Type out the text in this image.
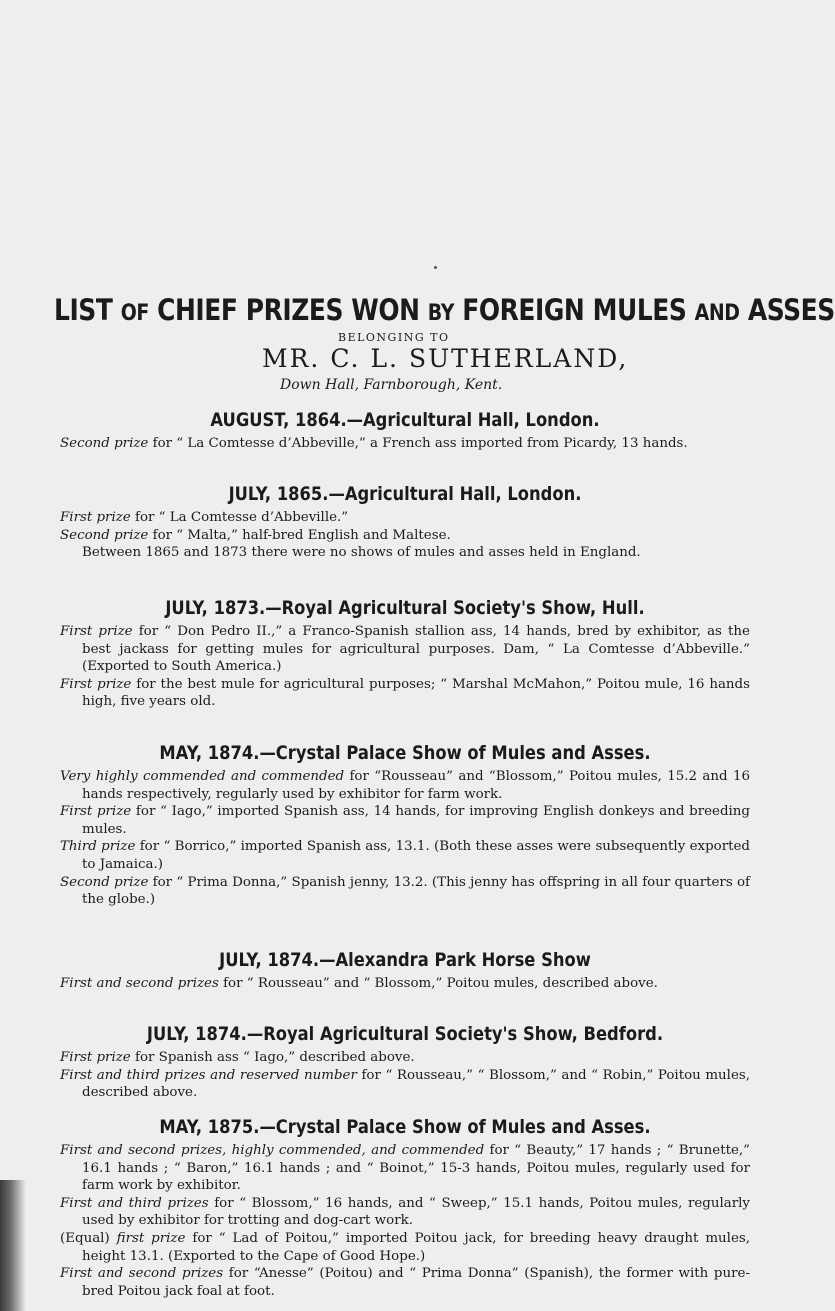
LIST OF CHIEF PRIZES WON BY FOREIGN MULES AND ASSES
BELONGING TO
MR. C. L. SUTHERLAND,
Down Hall, Farnborough, Kent.
AUGUST, 1864.—Agricultural Hall, London.
Second prize for “ La Comtesse d’Abbeville,” a French ass imported from Picardy, 13 hands.
JULY, 1865.—Agricultural Hall, London.
First prize for “ La Comtesse d’Abbeville.”
Second prize for “ Malta,” half-bred English and Maltese.
Between 1865 and 1873 there were no shows of mules and asses held in England.
JULY, 1873.—Royal Agricultural Society's Show, Hull.
First prize for “ Don Pedro II.,” a Franco-Spanish stallion ass, 14 hands, bred by exhibitor, as the best jackass for getting mules for agricultural purposes. Dam, “ La Comtesse d’Abbeville.” (Exported to South America.)
First prize for the best mule for agricultural purposes; “ Marshal McMahon,” Poitou mule, 16 hands high, five years old.
MAY, 1874.—Crystal Palace Show of Mules and Asses.
Very highly commended and commended for “Rousseau” and “Blossom,” Poitou mules, 15.2 and 16 hands respectively, regularly used by exhibitor for farm work.
First prize for “ Iago,” imported Spanish ass, 14 hands, for improving English donkeys and breeding mules.
Third prize for “ Borrico,” imported Spanish ass, 13.1. (Both these asses were subsequently exported to Jamaica.)
Second prize for “ Prima Donna,” Spanish jenny, 13.2. (This jenny has offspring in all four quarters of the globe.)
JULY, 1874.—Alexandra Park Horse Show
First and second prizes for “ Rousseau” and “ Blossom,” Poitou mules, described above.
JULY, 1874.—Royal Agricultural Society's Show, Bedford.
First prize for Spanish ass “ Iago,” described above.
First and third prizes and reserved number for “ Rousseau,” “ Blossom,” and “ Robin,” Poitou mules, described above.
MAY, 1875.—Crystal Palace Show of Mules and Asses.
First and second prizes, highly commended, and commended for “ Beauty,” 17 hands ; “ Brunette,” 16.1 hands ; “ Baron,” 16.1 hands ; and “ Boinot,” 15-3 hands, Poitou mules, regularly used for farm work by exhibitor.
First and third prizes for “ Blossom,” 16 hands, and “ Sweep,” 15.1 hands, Poitou mules, regularly used by exhibitor for trotting and dog-cart work.
(Equal) first prize for “ Lad of Poitou,” imported Poitou jack, for breeding heavy draught mules, height 13.1. (Exported to the Cape of Good Hope.)
First and second prizes for “Anesse” (Poitou) and “ Prima Donna” (Spanish), the former with pure-bred Poitou jack foal at foot.
